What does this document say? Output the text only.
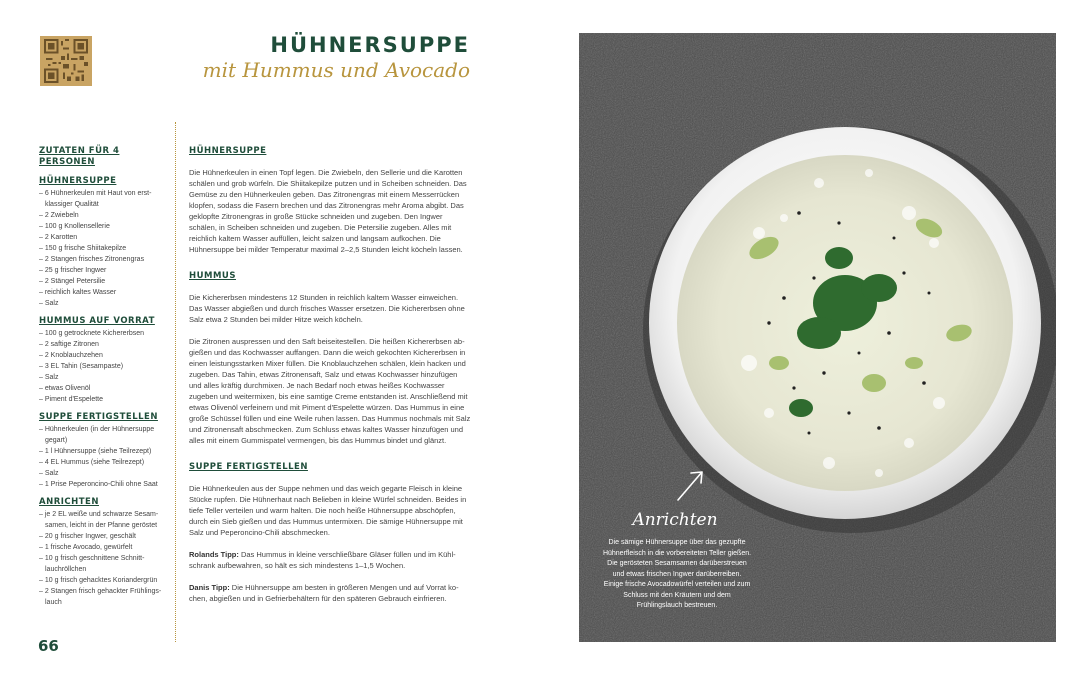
HÜHNERSUPPE
mit Hummus und Avocado
ZUTATEN FÜR 4 PERSONEN
HÜHNERSUPPE
– 6 Hühnerkeulen mit Haut von erstklassiger Qualität
– 2 Zwiebeln
– 100 g Knollensellerie
– 2 Karotten
– 150 g frische Shiitakepilze
– 2 Stangen frisches Zitronengras
– 25 g frischer Ingwer
– 2 Stängel Petersilie
– reichlich kaltes Wasser
– Salz
HUMMUS AUF VORRAT
– 100 g getrocknete Kichererbsen
– 2 saftige Zitronen
– 2 Knoblauchzehen
– 3 EL Tahin (Sesampaste)
– Salz
– etwas Olivenöl
– Piment d'Espelette
SUPPE FERTIGSTELLEN
– Hühnerkeulen (in der Hühnersuppe gegart)
– 1 l Hühnersuppe (siehe Teilrezept)
– 4 EL Hummus (siehe Teilrezept)
– Salz
– 1 Prise Peperoncino-Chili ohne Saat
ANRICHTEN
– je 2 EL weiße und schwarze Sesamsamen, leicht in der Pfanne geröstet
– 20 g frischer Ingwer, geschält
– 1 frische Avocado, gewürfelt
– 10 g frisch geschnittene Schnittlauchröllchen
– 10 g frisch gehacktes Koriandergrün
– 2 Stangen frisch gehackter Frühlingslauch
HÜHNERSUPPE

Die Hühnerkeulen in einen Topf legen. Die Zwiebeln, den Sellerie und die Karotten schälen und grob würfeln. Die Shiitakepilze putzen und in Scheiben schneiden. Das Gemüse zu den Hühnerkeulen geben. Das Zitronengras mit einem Messerrücken klopfen, sodass die Fasern brechen und das Zitronengras mehr Aroma abgibt. Das geklopfte Zitronengras in große Stücke schneiden und zugeben. Den Ingwer schälen, in Scheiben schneiden und zugeben. Die Petersilie zugeben. Alles mit reichlich kaltem Wasser auffüllen, leicht salzen und langsam aufkochen. Die Hühnersuppe bei milder Temperatur maximal 2–2,5 Stunden leicht köcheln lassen.

HUMMUS

Die Kichererbsen mindestens 12 Stunden in reichlich kaltem Wasser einweichen. Das Wasser abgießen und durch frisches Wasser ersetzen. Die Kichererbsen ohne Salz etwa 2 Stunden bei milder Hitze weich köcheln.

Die Zitronen auspressen und den Saft beiseitestellen. Die heißen Kichererbsen abgießen und das Kochwasser auffangen. Dann die weich gekochten Kichererbsen in einen leistungsstarken Mixer füllen. Die Knoblauchzehen schälen, klein hacken und zugeben. Das Tahin, etwas Zitronensaft, Salz und etwas Kochwasser hinzufügen und alles kräftig durchmixen. Je nach Bedarf noch etwas heißes Kochwasser zugeben und weitermixen, bis eine samtige Creme entstanden ist. Anschließend mit etwas Olivenöl verfeinern und mit Piment d'Espelette würzen. Das Hummus in eine große Schüssel füllen und eine Weile ruhen lassen. Das Hummus nochmals mit Salz und Zitronensaft abschmecken. Zum Schluss etwas kaltes Wasser hinzufügen und alles mit einem Gummispatel vermengen, bis das Hummus bindet und glänzt.

SUPPE FERTIGSTELLEN

Die Hühnerkeulen aus der Suppe nehmen und das weich gegarte Fleisch in kleine Stücke rupfen. Die Hühnerhaut nach Belieben in kleine Würfel schneiden. Beides in tiefe Teller verteilen und warm halten. Die noch heiße Hühnersuppe abschöpfen, durch ein Sieb gießen und das Hummus untermixen. Die sämige Hühnersuppe mit Salz und Peperoncino-Chili abschmecken.

Rolands Tipp: Das Hummus in kleine verschließbare Gläser füllen und im Kühlschrank aufbewahren, so hält es sich mindestens 1–1,5 Wochen.

Danis Tipp: Die Hühnersuppe am besten in größeren Mengen und auf Vorrat kochen, abgießen und in Gefrierbehältern für den späteren Gebrauch einfrieren.

66
Anrichten
Die sämige Hühnersuppe über das gezupfte Hühnerfleisch in die vorbereiteten Teller gießen. Die gerösteten Sesamsamen darüberstreuen und etwas frischen Ingwer darüberreiben. Einige frische Avocadowürfel verteilen und zum Schluss mit den Kräutern und dem Frühlingslauch bestreuen.
